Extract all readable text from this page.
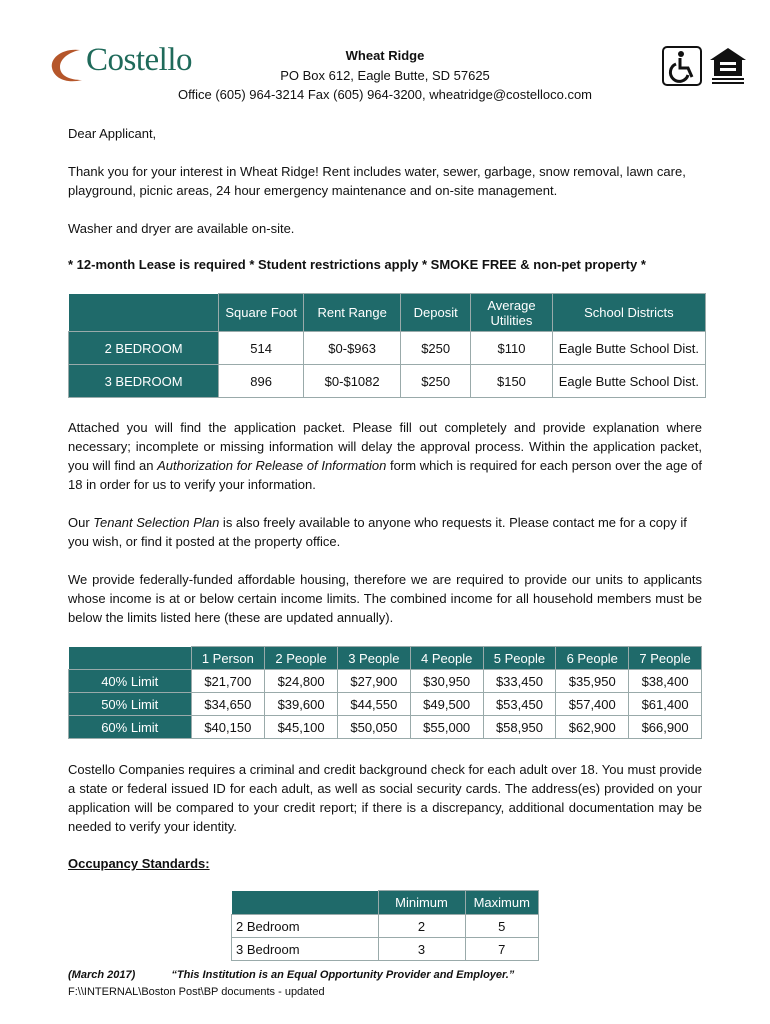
Costello	Wheat Ridge
PO Box 612, Eagle Butte, SD 57625
Office (605) 964-3214 Fax (605) 964-3200, wheatridge@costelloco.com

Dear Applicant,

Thank you for your interest in Wheat Ridge! Rent includes water, sewer, garbage, snow removal, lawn care, playground, picnic areas, 24 hour emergency maintenance and on-site management.

Washer and dryer are available on-site.

* 12-month Lease is required * Student restrictions apply * SMOKE FREE & non-pet property *
	Square Foot	Rent Range	Deposit	Average Utilities	School Districts
2 BEDROOM	514	$0-$963	$250	$110	Eagle Butte School Dist.
3 BEDROOM	896	$0-$1082	$250	$150	Eagle Butte School Dist.

Attached you will find the application packet. Please fill out completely and provide explanation where necessary; incomplete or missing information will delay the approval process. Within the application packet, you will find an Authorization for Release of Information form which is required for each person over the age of 18 in order for us to verify your information.

Our Tenant Selection Plan is also freely available to anyone who requests it. Please contact me for a copy if you wish, or find it posted at the property office.

We provide federally-funded affordable housing, therefore we are required to provide our units to applicants whose income is at or below certain income limits. The combined income for all household members must be below the limits listed here (these are updated annually).

	1 Person	2 People	3 People	4 People	5 People	6 People	7 People
40% Limit	$21,700	$24,800	$27,900	$30,950	$33,450	$35,950	$38,400
50% Limit	$34,650	$39,600	$44,550	$49,500	$53,450	$57,400	$61,400
60% Limit	$40,150	$45,100	$50,050	$55,000	$58,950	$62,900	$66,900

Costello Companies requires a criminal and credit background check for each adult over 18. You must provide a state or federal issued ID for each adult, as well as social security cards. The address(es) provided on your application will be compared to your credit report; if there is a discrepancy, additional documentation may be needed to verify your identity.

Occupancy Standards:
	Minimum	Maximum
2 Bedroom	2	5
3 Bedroom	3	7
(March 2017)	“This Institution is an Equal Opportunity Provider and Employer.”
F:\\INTERNAL\Boston Post\BP documents - updated
